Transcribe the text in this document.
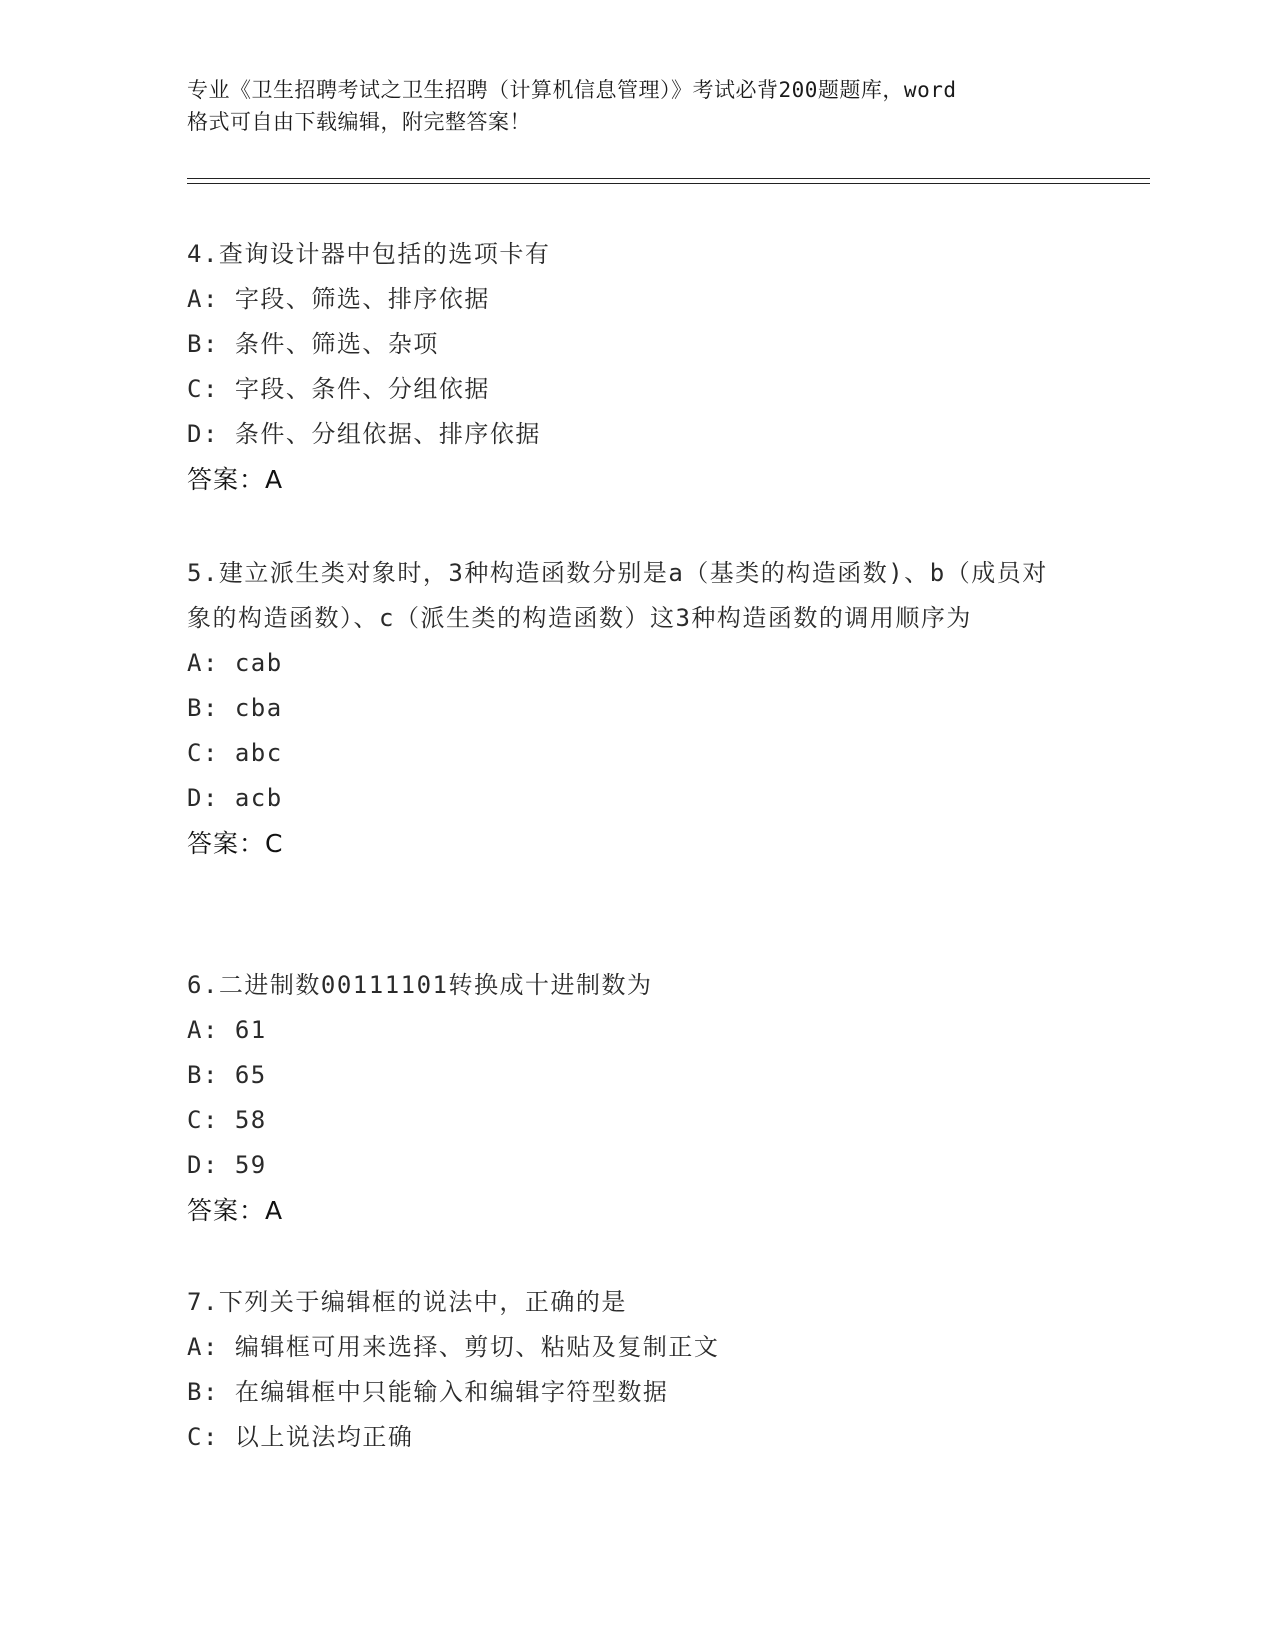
专业《卫生招聘考试之卫生招聘（计算机信息管理）》考试必背200题题库，word
格式可自由下载编辑，附完整答案！
4.查询设计器中包括的选项卡有
A: 字段、筛选、排序依据
B: 条件、筛选、杂项
C: 字段、条件、分组依据
D: 条件、分组依据、排序依据
答案：A
5.建立派生类对象时，3种构造函数分别是a（基类的构造函数)、b（成员对象的构造函数）、c（派生类的构造函数）这3种构造函数的调用顺序为
A: cab
B: cba
C: abc
D: acb
答案：C
6.二进制数00111101转换成十进制数为
A: 61
B: 65
C: 58
D: 59
答案：A
7.下列关于编辑框的说法中，正确的是
A: 编辑框可用来选择、剪切、粘贴及复制正文
B: 在编辑框中只能输入和编辑字符型数据
C: 以上说法均正确
